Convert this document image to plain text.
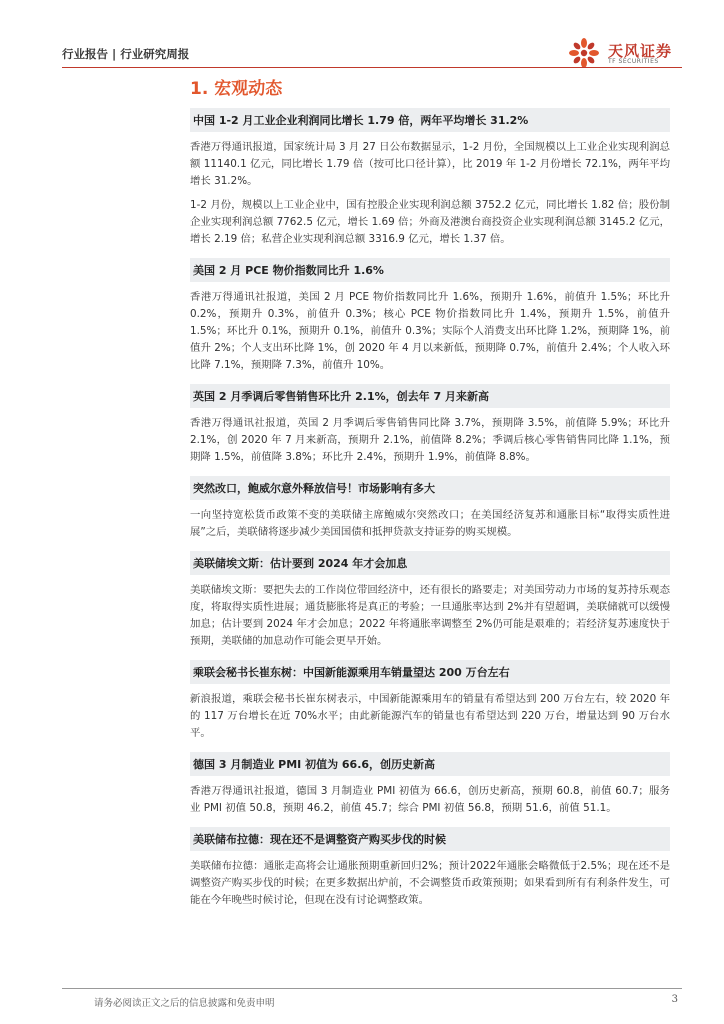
行业报告 | 行业研究周报	天风证券
TF SECURITIES
1. 宏观动态
中国 1-2 月工业企业利润同比增长 1.79 倍，两年平均增长 31.2%

香港万得通讯报道，国家统计局 3 月 27 日公布数据显示，1-2 月份，全国规模以上工业企业实现利润总额 11140.1 亿元，同比增长 1.79 倍（按可比口径计算），比 2019 年 1-2 月份增长 72.1%，两年平均增长 31.2%。

1-2 月份，规模以上工业企业中，国有控股企业实现利润总额 3752.2 亿元，同比增长 1.82 倍；股份制企业实现利润总额 7762.5 亿元，增长 1.69 倍；外商及港澳台商投资企业实现利润总额 3145.2 亿元，增长 2.19 倍；私营企业实现利润总额 3316.9 亿元，增长 1.37 倍。

美国 2 月 PCE 物价指数同比升 1.6%

香港万得通讯社报道，美国 2 月 PCE 物价指数同比升 1.6%，预期升 1.6%，前值升 1.5%；环比升 0.2%，预期升 0.3%，前值升 0.3%；核心 PCE 物价指数同比升 1.4%，预期升 1.5%，前值升 1.5%；环比升 0.1%，预期升 0.1%，前值升 0.3%；实际个人消费支出环比降 1.2%，预期降 1%，前值升 2%；个人支出环比降 1%，创 2020 年 4 月以来新低，预期降 0.7%，前值升 2.4%；个人收入环比降 7.1%，预期降 7.3%，前值升 10%。

英国 2 月季调后零售销售环比升 2.1%，创去年 7 月来新高

香港万得通讯社报道，英国 2 月季调后零售销售同比降 3.7%，预期降 3.5%，前值降 5.9%；环比升 2.1%，创 2020 年 7 月来新高，预期升 2.1%，前值降 8.2%；季调后核心零售销售同比降 1.1%，预期降 1.5%，前值降 3.8%；环比升 2.4%，预期升 1.9%，前值降 8.8%。

突然改口，鲍威尔意外释放信号！市场影响有多大

一向坚持宽松货币政策不变的美联储主席鲍威尔突然改口；在美国经济复苏和通胀目标“取得实质性进展”之后，美联储将逐步减少美国国债和抵押贷款支持证券的购买规模。

美联储埃文斯：估计要到 2024 年才会加息

美联储埃文斯：要把失去的工作岗位带回经济中，还有很长的路要走；对美国劳动力市场的复苏持乐观态度，将取得实质性进展；通货膨胀将是真正的考验；一旦通胀率达到 2%并有望超调，美联储就可以缓慢加息；估计要到 2024 年才会加息；2022 年将通胀率调整至 2%仍可能是艰难的；若经济复苏速度快于预期，美联储的加息动作可能会更早开始。

乘联会秘书长崔东树：中国新能源乘用车销量望达 200 万台左右

新浪报道，乘联会秘书长崔东树表示，中国新能源乘用车的销量有希望达到 200 万台左右，较 2020 年的 117 万台增长在近 70%水平；由此新能源汽车的销量也有希望达到 220 万台，增量达到 90 万台水平。

德国 3 月制造业 PMI 初值为 66.6，创历史新高

香港万得通讯社报道，德国 3 月制造业 PMI 初值为 66.6，创历史新高，预期 60.8，前值 60.7；服务业 PMI 初值 50.8，预期 46.2，前值 45.7；综合 PMI 初值 56.8，预期 51.6，前值 51.1。

美联储布拉德：现在还不是调整资产购买步伐的时候

美联储布拉德：通胀走高将会让通胀预期重新回归2%；预计2022年通胀会略微低于2.5%；现在还不是调整资产购买步伐的时候；在更多数据出炉前，不会调整货币政策预期；如果看到所有有利条件发生，可能在今年晚些时候讨论，但现在没有讨论调整政策。

请务必阅读正文之后的信息披露和免责申明	3
